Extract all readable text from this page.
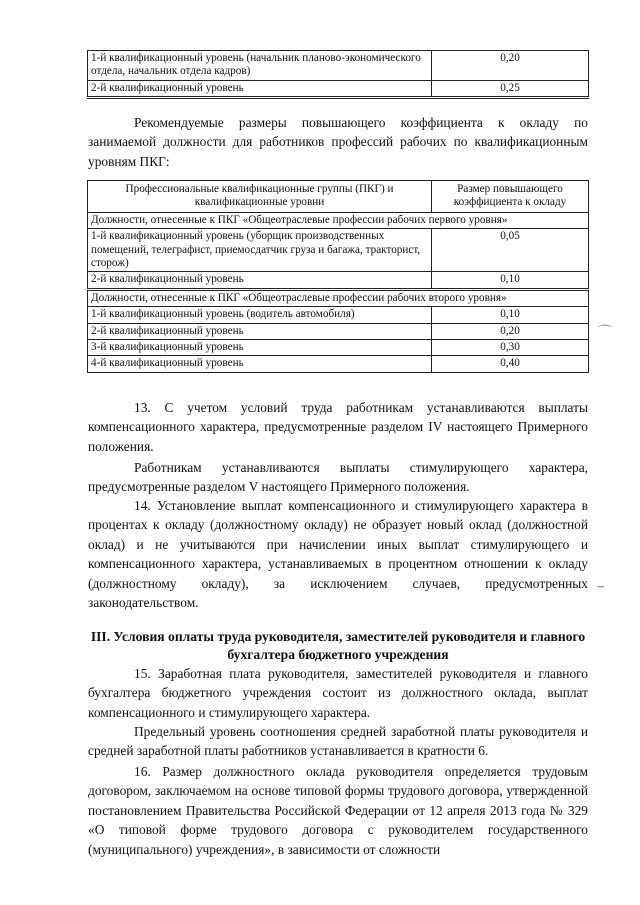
1-й квалификационный уровень (начальник планово-экономического отдела, начальник отдела кадров)	0,20
2-й квалификационный уровень	0,25

Рекомендуемые размеры повышающего коэффициента к окладу по занимаемой должности для работников профессий рабочих по квалификационным уровням ПКГ:

Профессиональные квалификационные группы (ПКГ) и квалификационные уровни	Размер повышающего коэффициента к окладу
Должности, отнесенные к ПКГ «Общеотраслевые профессии рабочих первого уровня»	
1-й квалификационный уровень (уборщик производственных помещений, телеграфист, приемосдатчик груза и багажа, тракторист, сторож)	0,05
2-й квалификационный уровень	0,10
Должности, отнесенные к ПКГ «Общеотраслевые профессии рабочих второго уровня»	
1-й квалификационный уровень (водитель автомобиля)	0,10
2-й квалификационный уровень	0,20
3-й квалификационный уровень	0,30
4-й квалификационный уровень	0,40

13. С учетом условий труда работникам устанавливаются выплаты компенсационного характера, предусмотренные разделом IV настоящего Примерного положения.

Работникам устанавливаются выплаты стимулирующего характера, предусмотренные разделом V настоящего Примерного положения.

14. Установление выплат компенсационного и стимулирующего характера в процентах к окладу (должностному окладу) не образует новый оклад (должностной оклад) и не учитываются при начислении иных выплат стимулирующего и компенсационного характера, устанавливаемых в процентном отношении к окладу (должностному окладу), за исключением случаев, предусмотренных законодательством.

III. Условия оплаты труда руководителя, заместителей руководителя и главного бухгалтера бюджетного учреждения

15. Заработная плата руководителя, заместителей руководителя и главного бухгалтера бюджетного учреждения состоит из должностного оклада, выплат компенсационного и стимулирующего характера.

Предельный уровень соотношения средней заработной платы руководителя и средней заработной платы работников устанавливается в кратности 6.

16. Размер должностного оклада руководителя определяется трудовым договором, заключаемом на основе типовой формы трудового договора, утвержденной постановлением Правительства Российской Федерации от 12 апреля 2013 года № 329 «О типовой форме трудового договора с руководителем государственного (муниципального) учреждения», в зависимости от сложности

⌒
⌣
